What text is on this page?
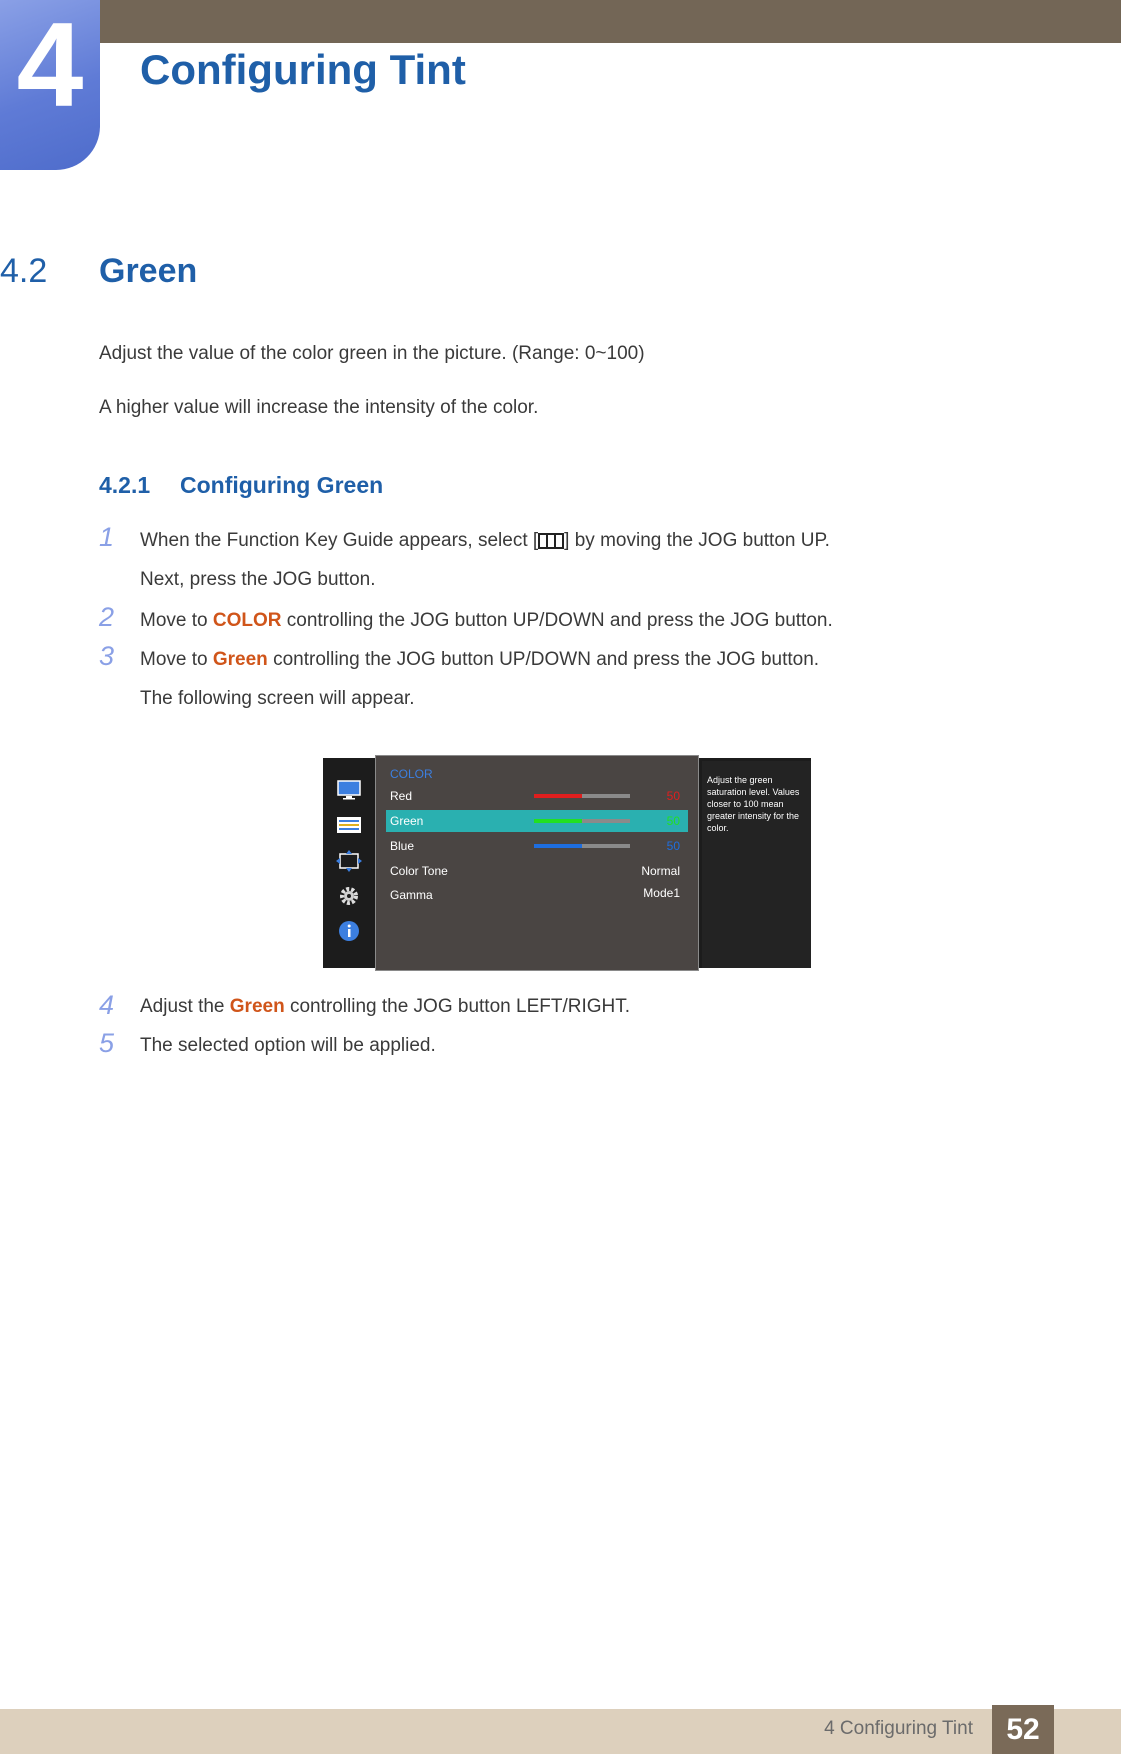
4 Configuring Tint
4.2 Green
Adjust the value of the color green in the picture. (Range: 0~100)
A higher value will increase the intensity of the color.
4.2.1 Configuring Green
1 When the Function Key Guide appears, select [ ] by moving the JOG button UP.
Next, press the JOG button.
2 Move to COLOR controlling the JOG button UP/DOWN and press the JOG button.
3 Move to Green controlling the JOG button UP/DOWN and press the JOG button.
The following screen will appear.
COLOR
Red	50
Green	50
Blue	50
Color Tone	Normal
Gamma	Mode1
Adjust the green saturation level. Values closer to 100 mean greater intensity for the color.
4 Adjust the Green controlling the JOG button LEFT/RIGHT.
5 The selected option will be applied.
4 Configuring Tint	52
